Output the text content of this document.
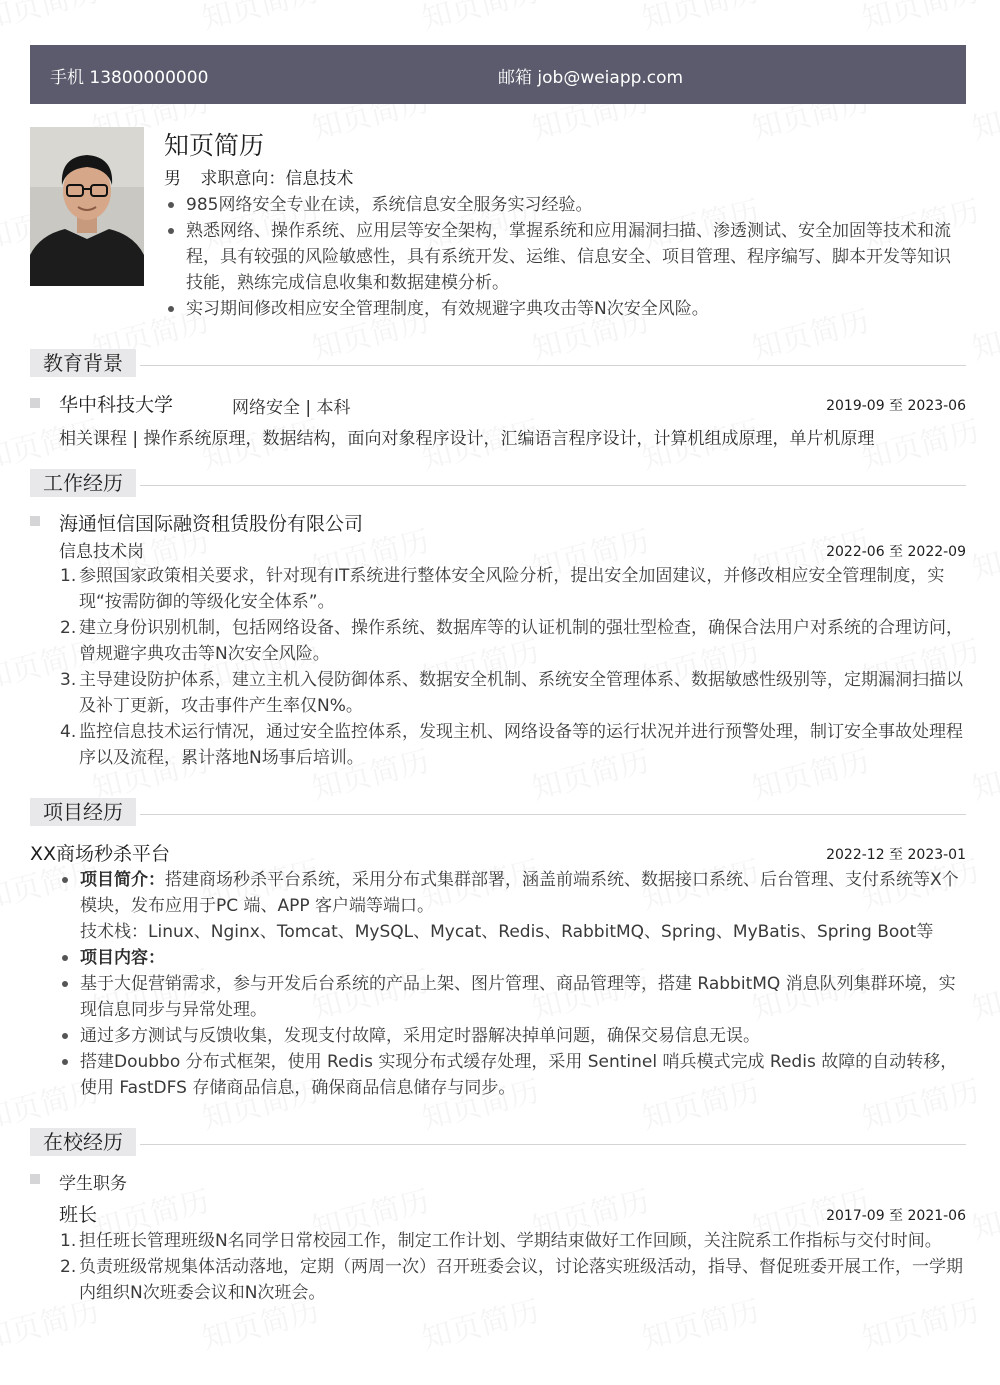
手机 13800000000	邮箱 job@weiapp.com
知页简历
男 求职意向：信息技术
985网络安全专业在读，系统信息安全服务实习经验。
熟悉网络、操作系统、应用层等安全架构，掌握系统和应用漏洞扫描、渗透测试、安全加固等技术和流程，具有较强的风险敏感性，具有系统开发、运维、信息安全、项目管理、程序编写、脚本开发等知识技能，熟练完成信息收集和数据建模分析。
实习期间修改相应安全管理制度，有效规避字典攻击等N次安全风险。
教育背景
华中科技大学	网络安全 | 本科	2019-09 至 2023-06
相关课程 | 操作系统原理，数据结构，面向对象程序设计，汇编语言程序设计，计算机组成原理，单片机原理
工作经历
海通恒信国际融资租赁股份有限公司
信息技术岗	2022-06 至 2022-09
1. 参照国家政策相关要求，针对现有IT系统进行整体安全风险分析，提出安全加固建议，并修改相应安全管理制度，实现“按需防御的等级化安全体系”。
2. 建立身份识别机制，包括网络设备、操作系统、数据库等的认证机制的强壮型检查，确保合法用户对系统的合理访问，曾规避字典攻击等N次安全风险。
3. 主导建设防护体系，建立主机入侵防御体系、数据安全机制、系统安全管理体系、数据敏感性级别等，定期漏洞扫描以及补丁更新，攻击事件产生率仅N%。
4. 监控信息技术运行情况，通过安全监控体系，发现主机、网络设备等的运行状况并进行预警处理，制订安全事故处理程序以及流程，累计落地N场事后培训。
项目经历
XX商场秒杀平台	2022-12 至 2023-01
项目简介：搭建商场秒杀平台系统，采用分布式集群部署，涵盖前端系统、数据接口系统、后台管理、支付系统等X个模块，发布应用于PC 端、APP 客户端等端口。
技术栈：Linux、Nginx、Tomcat、MySQL、Mycat、Redis、RabbitMQ、Spring、MyBatis、Spring Boot等
项目内容：
基于大促营销需求，参与开发后台系统的产品上架、图片管理、商品管理等，搭建 RabbitMQ 消息队列集群环境，实现信息同步与异常处理。
通过多方测试与反馈收集，发现支付故障，采用定时器解决掉单问题，确保交易信息无误。
搭建Doubbo 分布式框架，使用 Redis 实现分布式缓存处理，采用 Sentinel 哨兵模式完成 Redis 故障的自动转移，使用 FastDFS 存储商品信息，确保商品信息储存与同步。
在校经历
学生职务
班长	2017-09 至 2021-06
1. 担任班长管理班级N名同学日常校园工作，制定工作计划、学期结束做好工作回顾，关注院系工作指标与交付时间。
2. 负责班级常规集体活动落地，定期（两周一次）召开班委会议，讨论落实班级活动，指导、督促班委开展工作，一学期内组织N次班委会议和N次班会。
